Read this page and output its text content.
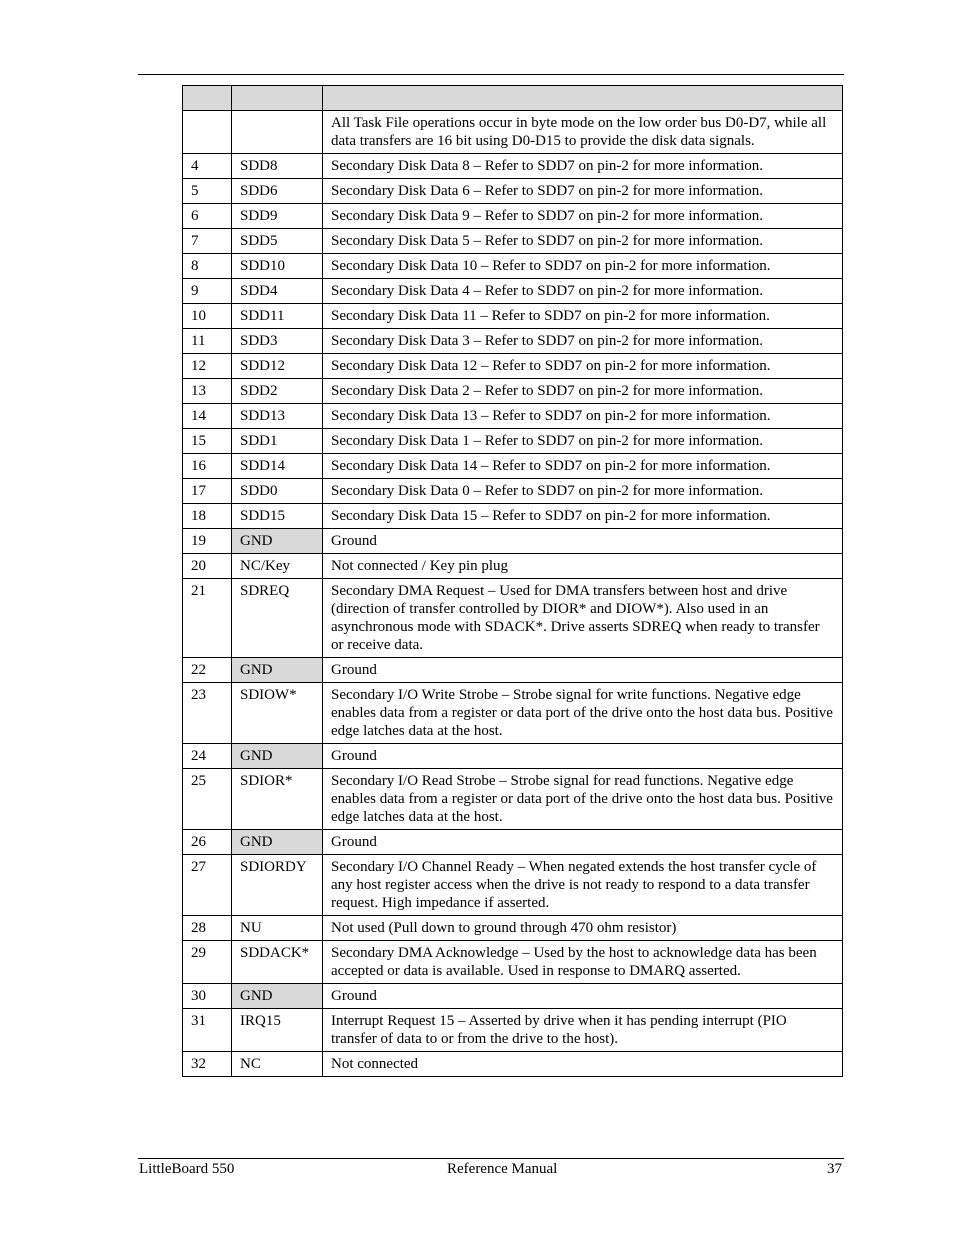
		All Task File operations occur in byte mode on the low order bus D0-D7, while all data transfers are 16 bit using D0-D15 to provide the disk data signals.
4	SDD8	Secondary Disk Data 8 – Refer to SDD7 on pin-2 for more information.
5	SDD6	Secondary Disk Data 6 – Refer to SDD7 on pin-2 for more information.
6	SDD9	Secondary Disk Data 9 – Refer to SDD7 on pin-2 for more information.
7	SDD5	Secondary Disk Data 5 – Refer to SDD7 on pin-2 for more information.
8	SDD10	Secondary Disk Data 10 – Refer to SDD7 on pin-2 for more information.
9	SDD4	Secondary Disk Data 4 – Refer to SDD7 on pin-2 for more information.
10	SDD11	Secondary Disk Data 11 – Refer to SDD7 on pin-2 for more information.
11	SDD3	Secondary Disk Data 3 – Refer to SDD7 on pin-2 for more information.
12	SDD12	Secondary Disk Data 12 – Refer to SDD7 on pin-2 for more information.
13	SDD2	Secondary Disk Data 2 – Refer to SDD7 on pin-2 for more information.
14	SDD13	Secondary Disk Data 13 – Refer to SDD7 on pin-2 for more information.
15	SDD1	Secondary Disk Data 1 – Refer to SDD7 on pin-2 for more information.
16	SDD14	Secondary Disk Data 14 – Refer to SDD7 on pin-2 for more information.
17	SDD0	Secondary Disk Data 0 – Refer to SDD7 on pin-2 for more information.
18	SDD15	Secondary Disk Data 15 – Refer to SDD7 on pin-2 for more information.
19	GND	Ground
20	NC/Key	Not connected / Key pin plug
21	SDREQ	Secondary DMA Request – Used for DMA transfers between host and drive (direction of transfer controlled by DIOR* and DIOW*). Also used in an asynchronous mode with SDACK*. Drive asserts SDREQ when ready to transfer or receive data.
22	GND	Ground
23	SDIOW*	Secondary I/O Write Strobe – Strobe signal for write functions. Negative edge enables data from a register or data port of the drive onto the host data bus. Positive edge latches data at the host.
24	GND	Ground
25	SDIOR*	Secondary I/O Read Strobe – Strobe signal for read functions. Negative edge enables data from a register or data port of the drive onto the host data bus. Positive edge latches data at the host.
26	GND	Ground
27	SDIORDY	Secondary I/O Channel Ready – When negated extends the host transfer cycle of any host register access when the drive is not ready to respond to a data transfer request. High impedance if asserted.
28	NU	Not used (Pull down to ground through 470 ohm resistor)
29	SDDACK*	Secondary DMA Acknowledge – Used by the host to acknowledge data has been accepted or data is available. Used in response to DMARQ asserted.
30	GND	Ground
31	IRQ15	Interrupt Request 15 – Asserted by drive when it has pending interrupt (PIO transfer of data to or from the drive to the host).
32	NC	Not connected
LittleBoard 550	Reference Manual	37
